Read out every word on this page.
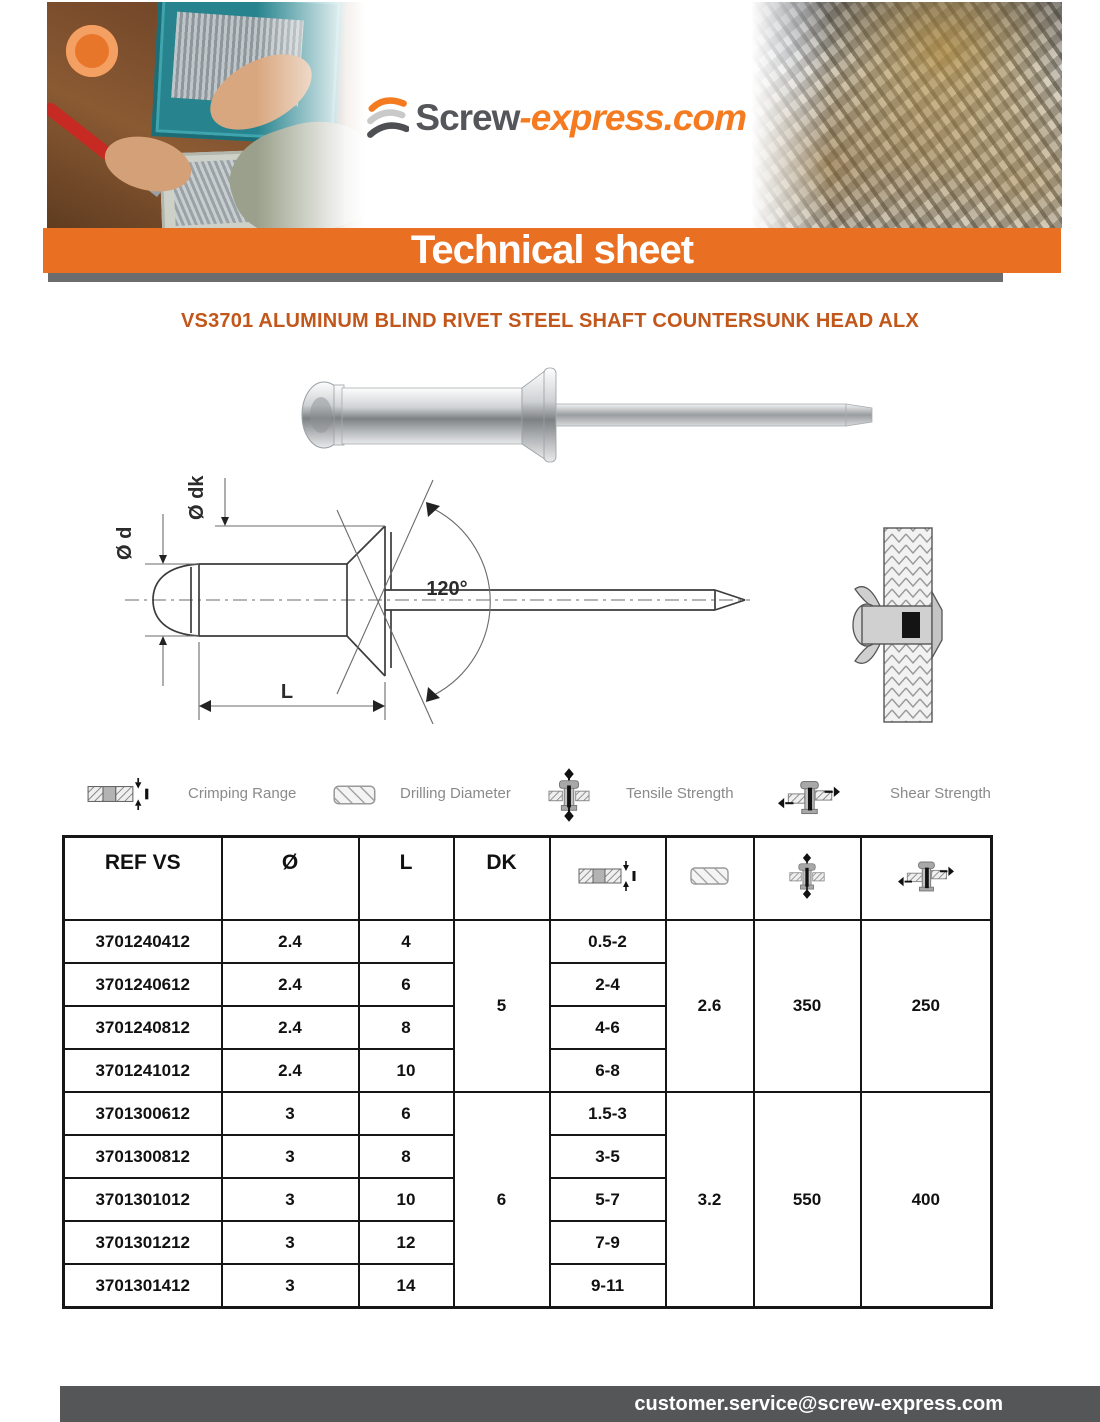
Screw-express.com
Technical sheet
VS3701 ALUMINUM BLIND RIVET STEEL SHAFT COUNTERSUNK HEAD ALX
120°
Ø d
Ø dk
L
Crimping Range	Drilling Diameter	Tensile Strength	Shear Strength
REF VS	Ø	L	DK				
3701240412	2.4	4	5	0.5-2	2.6	350	250
3701240612	2.4	6		2-4			
3701240812	2.4	8		4-6			
3701241012	2.4	10		6-8			
3701300612	3	6	6	1.5-3	3.2	550	400
3701300812	3	8		3-5			
3701301012	3	10		5-7			
3701301212	3	12		7-9			
3701301412	3	14		9-11			
customer.service@screw-express.com
